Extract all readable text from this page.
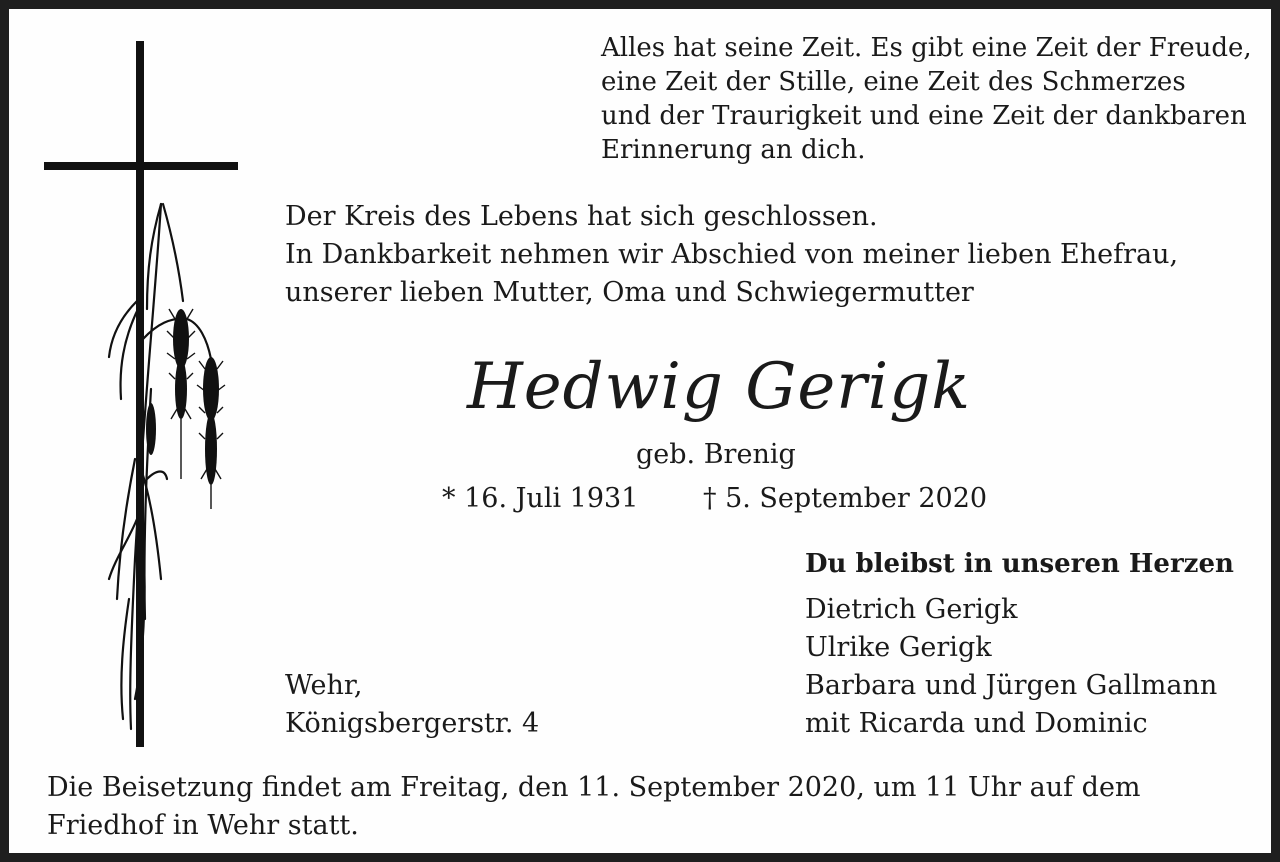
Alles hat seine Zeit. Es gibt eine Zeit der Freude,
eine Zeit der Stille, eine Zeit des Schmerzes
und der Traurigkeit und eine Zeit der dankbaren
Erinnerung an dich.

Der Kreis des Lebens hat sich geschlossen.
In Dankbarkeit nehmen wir Abschied von meiner lieben Ehefrau,
unserer lieben Mutter, Oma und Schwiegermutter

Hedwig Gerigk

geb. Brenig

* 16. Juli 1931 † 5. September 2020

Du bleibst in unseren Herzen

Dietrich Gerigk
Ulrike Gerigk
Barbara und Jürgen Gallmann
mit Ricarda und Dominic

Wehr,
Königsbergerstr. 4

Die Beisetzung findet am Freitag, den 11. September 2020, um 11 Uhr auf dem
Friedhof in Wehr statt.
